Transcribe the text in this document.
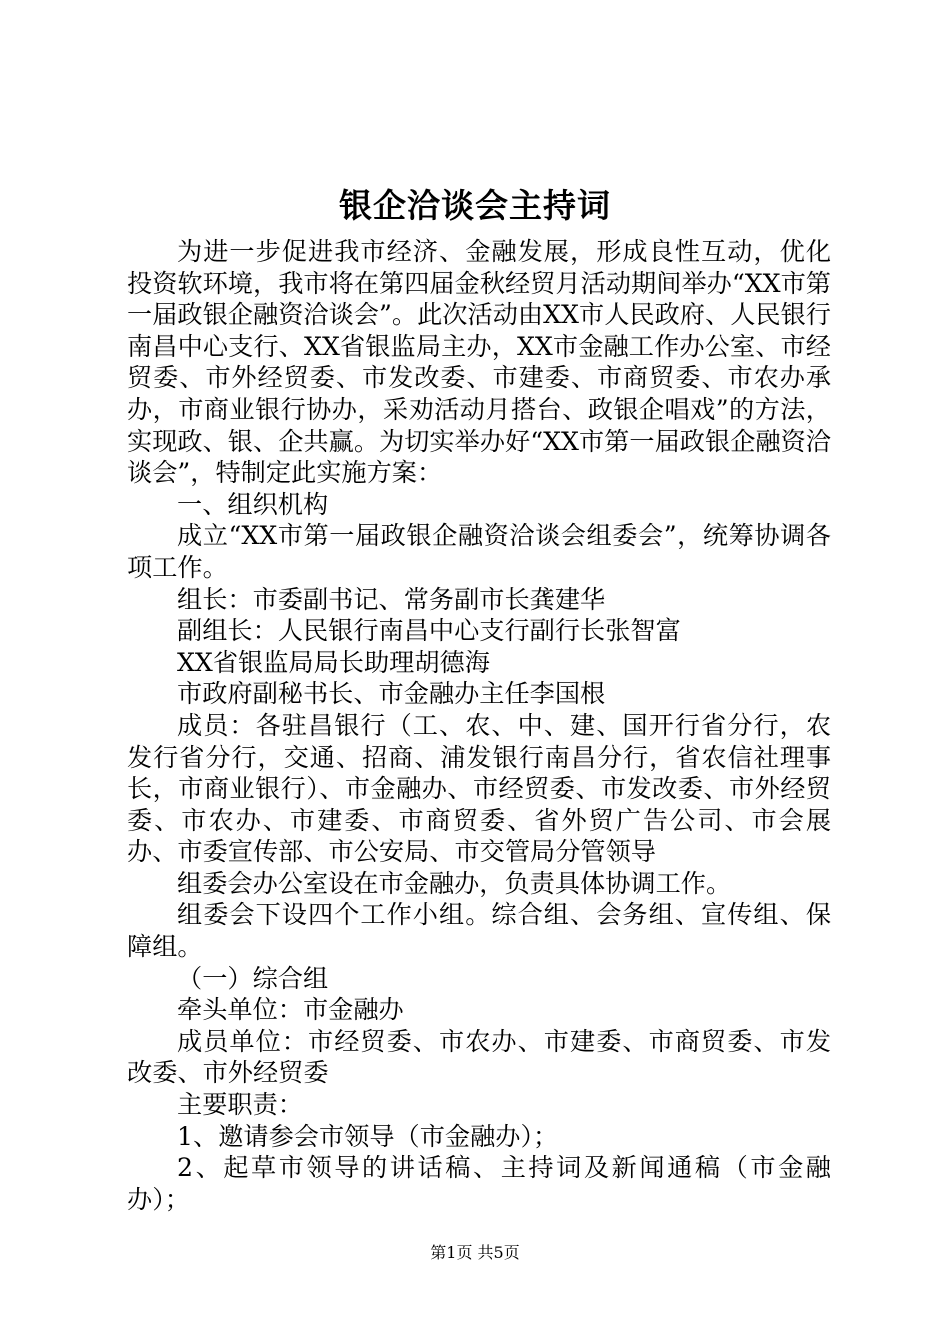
银企洽谈会主持词

为进一步促进我市经济、金融发展，形成良性互动，优化投资软环境，我市将在第四届金秋经贸月活动期间举办“XX市第一届政银企融资洽谈会”。此次活动由XX市人民政府、人民银行南昌中心支行、XX省银监局主办，XX市金融工作办公室、市经贸委、市外经贸委、市发改委、市建委、市商贸委、市农办承办，市商业银行协办，采劝活动月搭台、政银企唱戏”的方法，实现政、银、企共赢。为切实举办好“XX市第一届政银企融资洽谈会”，特制定此实施方案：

一、组织机构

成立“XX市第一届政银企融资洽谈会组委会”，统筹协调各项工作。

组长：市委副书记、常务副市长龚建华

副组长：人民银行南昌中心支行副行长张智富

XX省银监局局长助理胡德海

市政府副秘书长、市金融办主任李国根

成员：各驻昌银行（工、农、中、建、国开行省分行，农发行省分行，交通、招商、浦发银行南昌分行，省农信社理事长，市商业银行）、市金融办、市经贸委、市发改委、市外经贸委、市农办、市建委、市商贸委、省外贸广告公司、市会展办、市委宣传部、市公安局、市交管局分管领导

组委会办公室设在市金融办，负责具体协调工作。

组委会下设四个工作小组。综合组、会务组、宣传组、保障组。

（一）综合组

牵头单位：市金融办

成员单位：市经贸委、市农办、市建委、市商贸委、市发改委、市外经贸委

主要职责：

1、邀请参会市领导（市金融办）；

2、起草市领导的讲话稿、主持词及新闻通稿（市金融办）；

第1页 共5页
